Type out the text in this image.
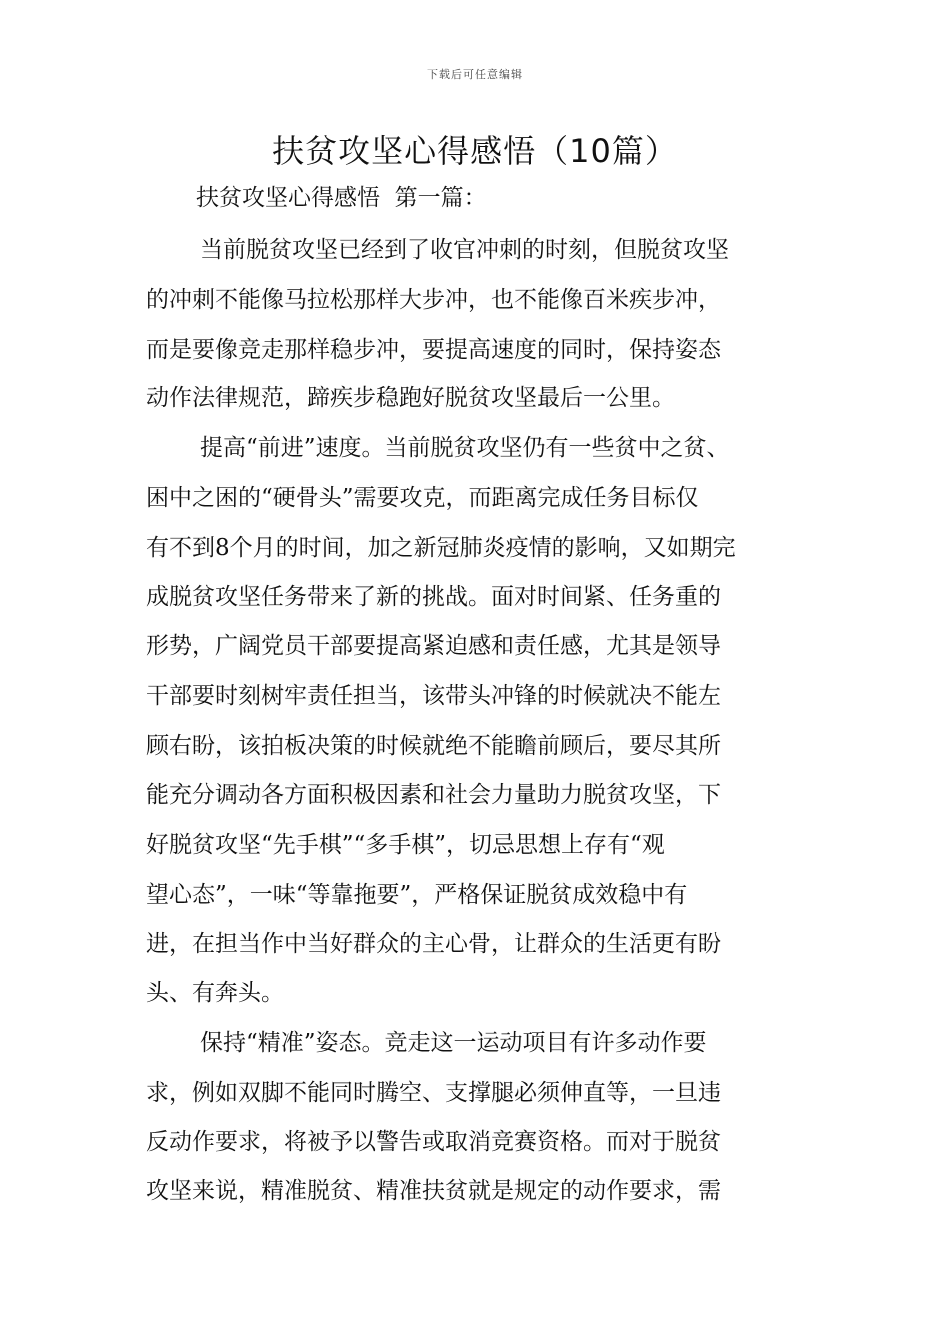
下载后可任意编辑
扶贫攻坚心得感悟（10篇）
扶贫攻坚心得感悟  第一篇：
当前脱贫攻坚已经到了收官冲刺的时刻，但脱贫攻坚
的冲刺不能像马拉松那样大步冲，也不能像百米疾步冲，
而是要像竞走那样稳步冲，要提高速度的同时，保持姿态
动作法律规范，蹄疾步稳跑好脱贫攻坚最后一公里。
提高“前进”速度。当前脱贫攻坚仍有一些贫中之贫、
困中之困的“硬骨头”需要攻克，而距离完成任务目标仅
有不到8个月的时间，加之新冠肺炎疫情的影响，又如期完
成脱贫攻坚任务带来了新的挑战。面对时间紧、任务重的
形势，广阔党员干部要提高紧迫感和责任感，尤其是领导
干部要时刻树牢责任担当，该带头冲锋的时候就决不能左
顾右盼，该拍板决策的时候就绝不能瞻前顾后，要尽其所
能充分调动各方面积极因素和社会力量助力脱贫攻坚，下
好脱贫攻坚“先手棋”“多手棋”，切忌思想上存有“观
望心态”，一味“等靠拖要”，严格保证脱贫成效稳中有
进，在担当作中当好群众的主心骨，让群众的生活更有盼
头、有奔头。
保持“精准”姿态。竞走这一运动项目有许多动作要
求，例如双脚不能同时腾空、支撑腿必须伸直等，一旦违
反动作要求，将被予以警告或取消竞赛资格。而对于脱贫
攻坚来说，精准脱贫、精准扶贫就是规定的动作要求，需
